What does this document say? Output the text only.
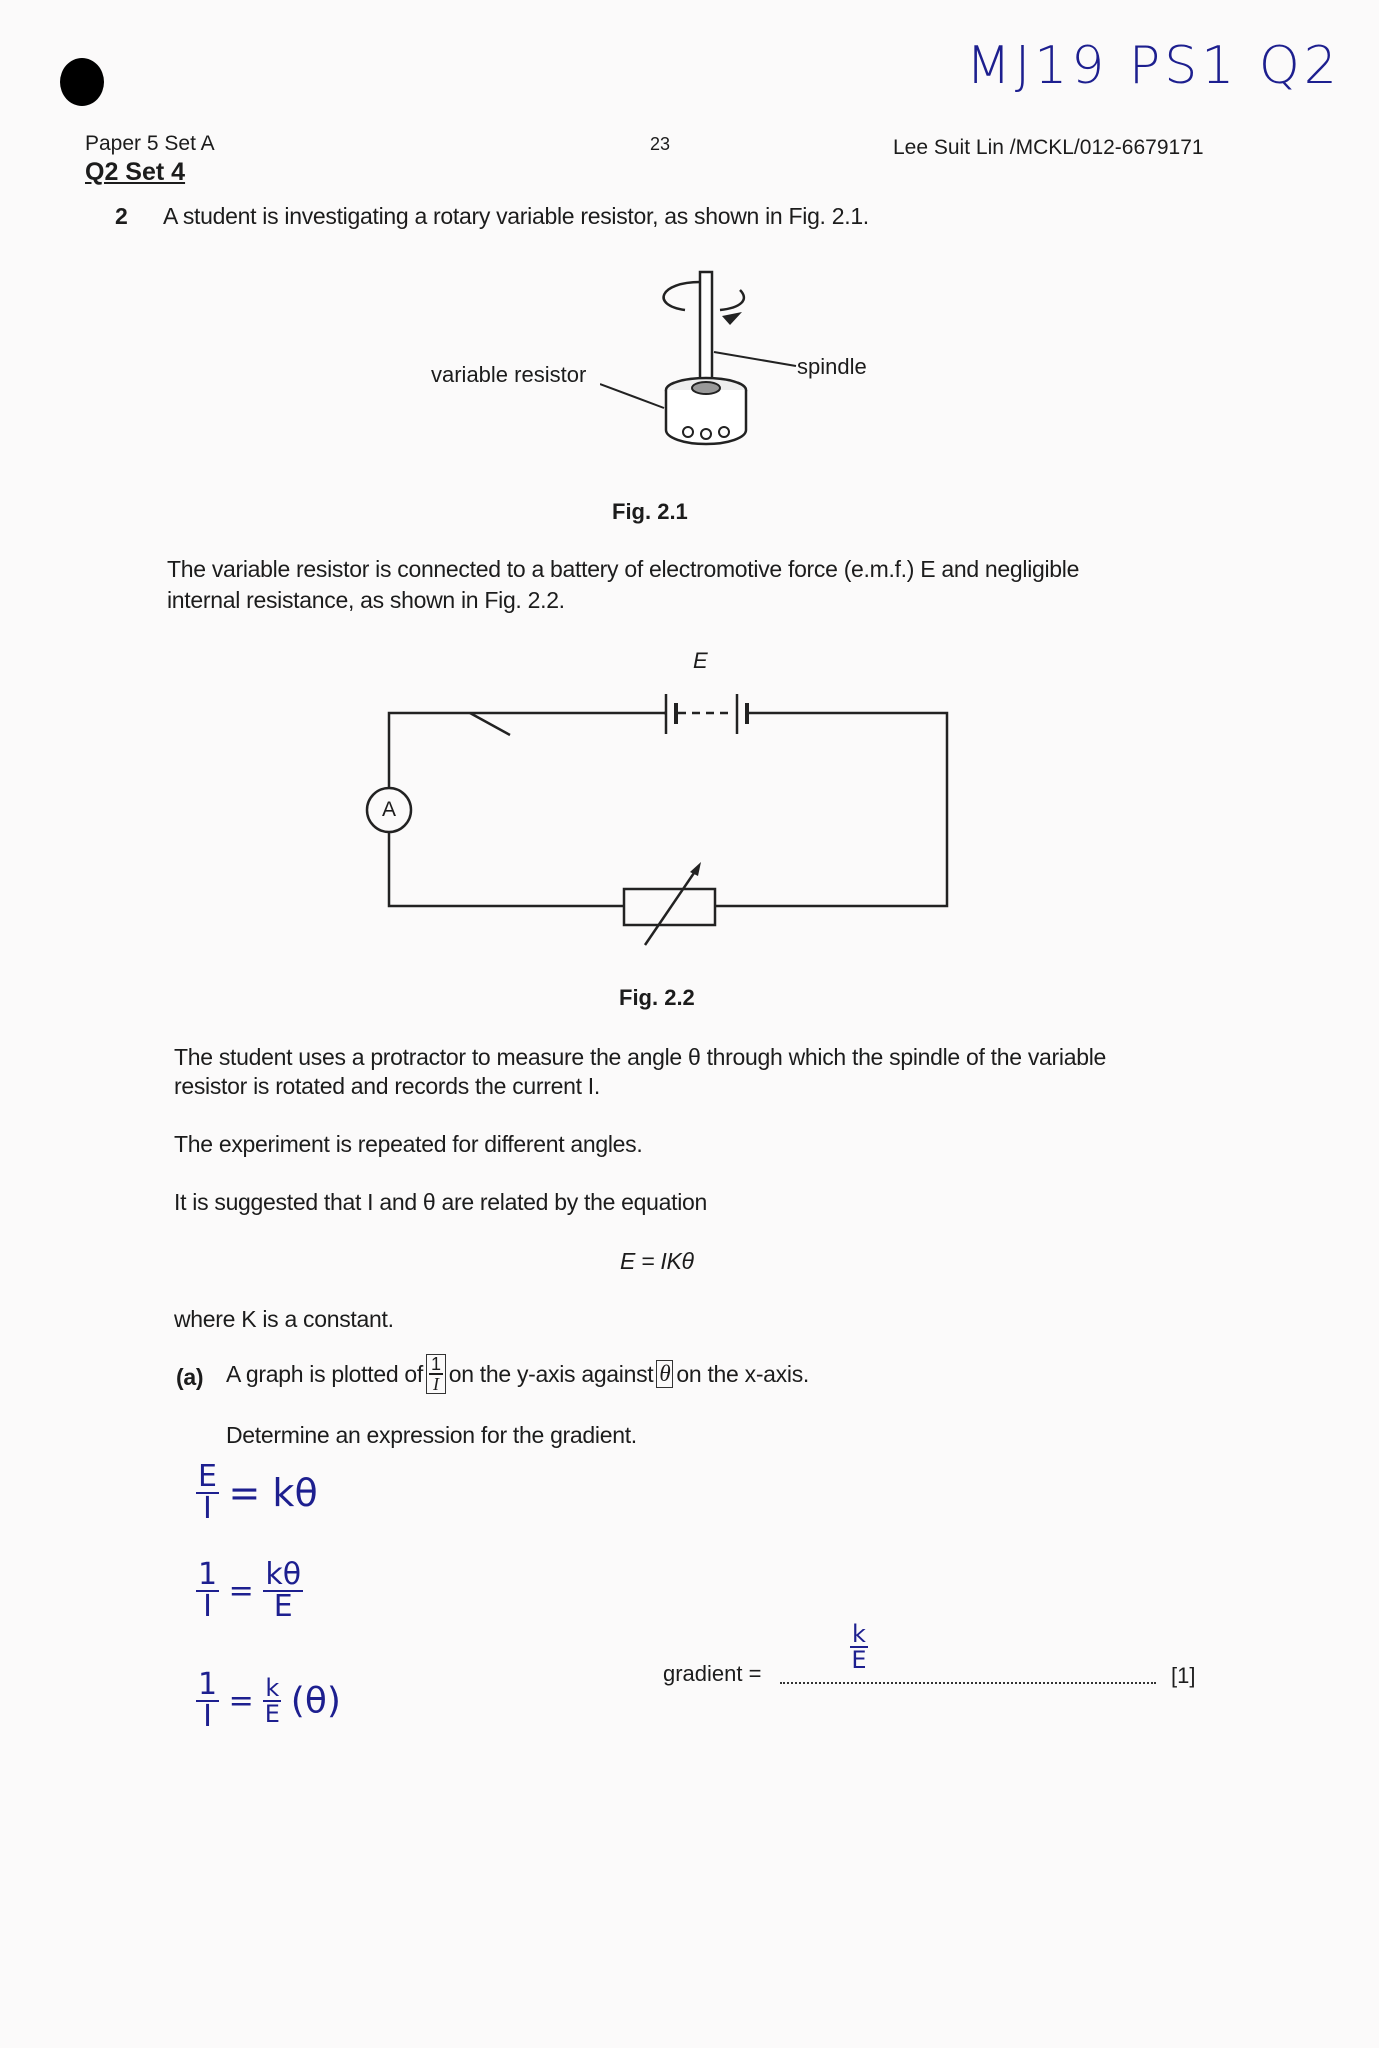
MJ19 PS1 Q2
Paper 5 Set A	23	Lee Suit Lin /MCKL/012-6679171
Q2 Set 4
2 A student is investigating a rotary variable resistor, as shown in Fig. 2.1.
variable resistor	spindle
Fig. 2.1
The variable resistor is connected to a battery of electromotive force (e.m.f.) E and negligible
internal resistance, as shown in Fig. 2.2.
E
A
Fig. 2.2
The student uses a protractor to measure the angle θ through which the spindle of the variable
resistor is rotated and records the current I.
The experiment is repeated for different angles.
It is suggested that I and θ are related by the equation
E = IKθ
where K is a constant.
(a) A graph is plotted of $\frac{1}{I}$ on the y-axis against θ on the x-axis.
Determine an expression for the gradient.
$\frac{E}{I} = k\theta$
$\frac{1}{I} = \frac{k\theta}{E}$
$\frac{1}{I} = \frac{k}{E} (\theta)$
gradient =
$\frac{k}{E}$
[1]
